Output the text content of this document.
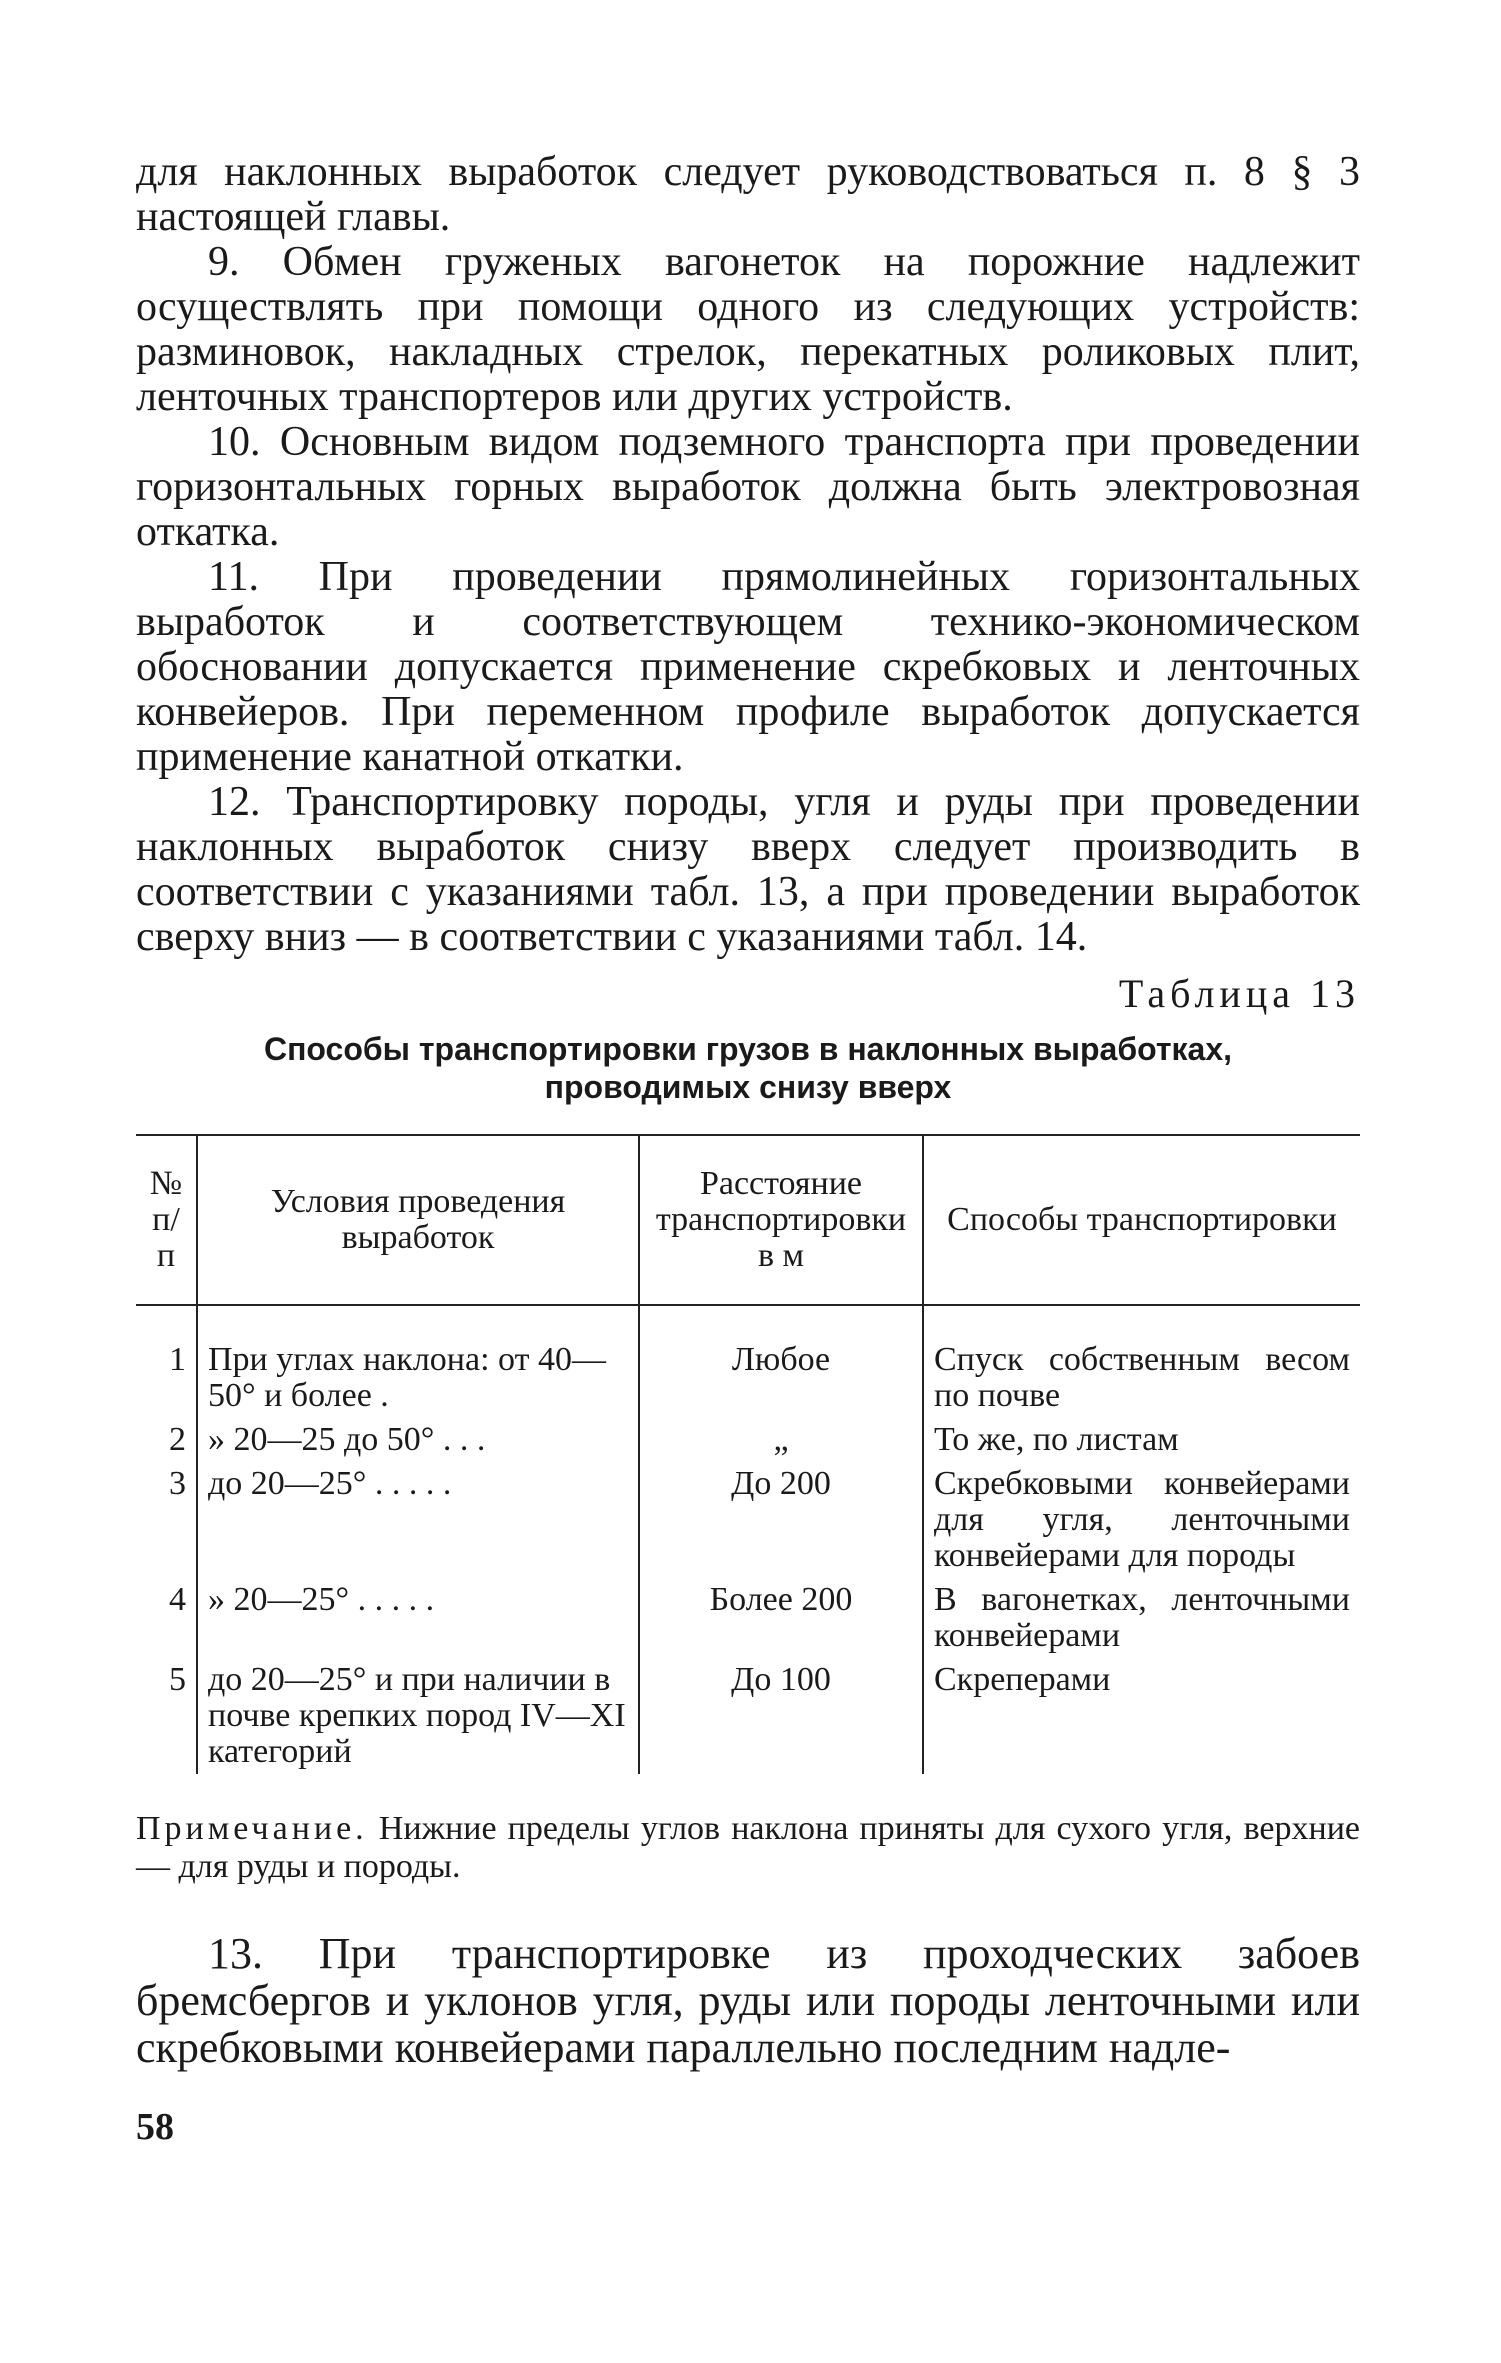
для наклонных выработок следует руководствоваться п. 8 § 3 настоящей главы.

9. Обмен груженых вагонеток на порожние надлежит осуществлять при помощи одного из следующих устройств: разминовок, накладных стрелок, перекатных роликовых плит, ленточных транспортеров или других устройств.

10. Основным видом подземного транспорта при проведении горизонтальных горных выработок должна быть электровозная откатка.

11. При проведении прямолинейных горизонтальных выработок и соответствующем технико-экономическом обосновании допускается применение скребковых и ленточных конвейеров. При переменном профиле выработок допускается применение канатной откатки.

12. Транспортировку породы, угля и руды при проведении наклонных выработок снизу вверх следует производить в соответствии с указаниями табл. 13, а при проведении выработок сверху вниз — в соответствии с указаниями табл. 14.

Таблица 13
Способы транспортировки грузов в наклонных выработках,
проводимых снизу вверх
№ п/п	Условия проведения выработок	Расстояние транспортировки в м	Способы транспортировки
1	При углах наклона: от 40—50° и более .	Любое	Спуск собственным весом по почве
2	» 20—25 до 50° . . .	„	То же, по листам
3	до 20—25° . . . . .	До 200	Скребковыми конвейерами для угля, ленточными конвейерами для породы
4	» 20—25° . . . . .	Более 200	В вагонетках, ленточными конвейерами
5	до 20—25° и при наличии в почве крепких пород IV—XI категорий	До 100	Скреперами

Примечание. Нижние пределы углов наклона приняты для сухого угля, верхние — для руды и породы.

13. При транспортировке из проходческих забоев бремсбергов и уклонов угля, руды или породы ленточными или скребковыми конвейерами параллельно последним надле-

58
